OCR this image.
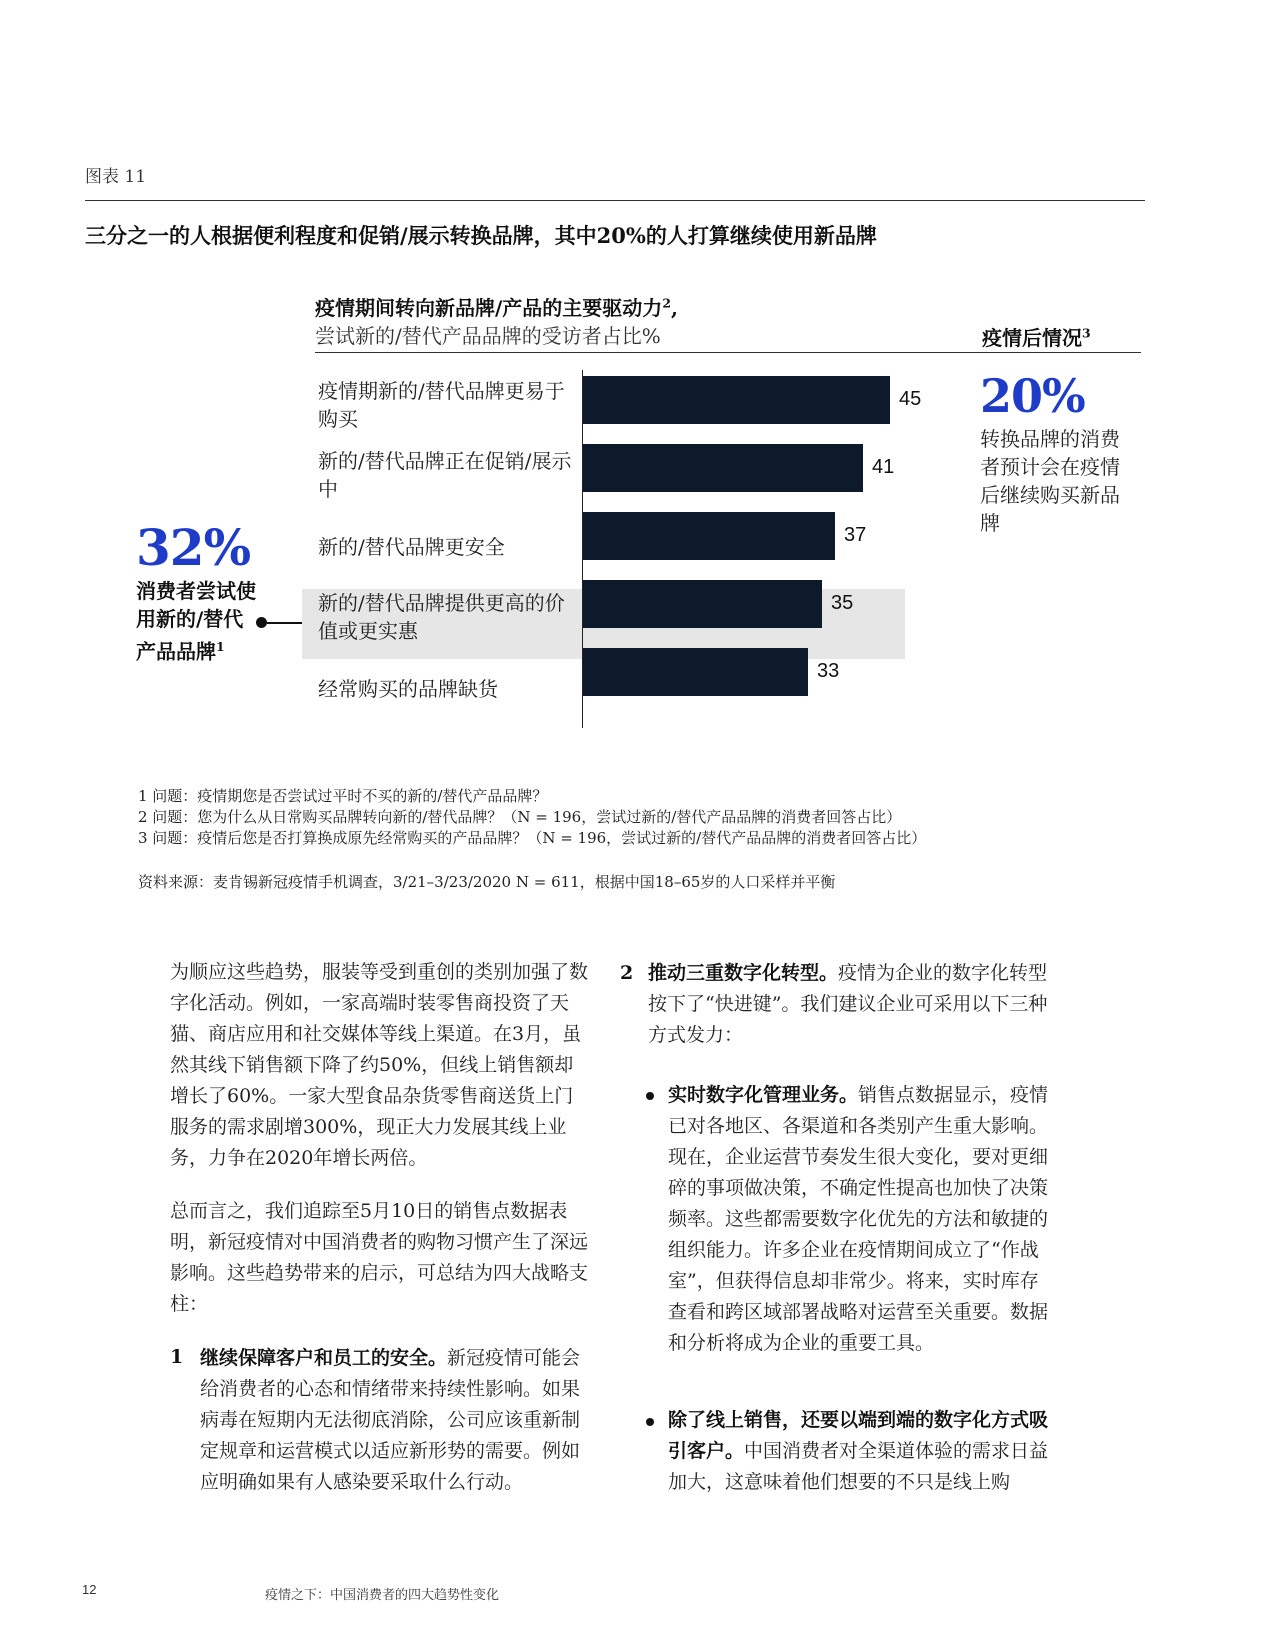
图表 11
三分之一的人根据便利程度和促销/展示转换品牌，其中20%的人打算继续使用新品牌
疫情期间转向新品牌/产品的主要驱动力$^2$,
尝试新的/替代产品品牌的受访者占比%	疫情后情况$^3$
疫情期新的/替代品牌更易于购买
新的/替代品牌正在促销/展示中
新的/替代品牌更安全
新的/替代品牌提供更高的价值或更实惠
经常购买的品牌缺货
45
41
37
35
33
32%
消费者尝试使用新的/替代产品品牌$^1$
20%
转换品牌的消费者预计会在疫情后继续购买新品牌
1 问题：疫情期您是否尝试过平时不买的新的/替代产品品牌？
2 问题：您为什么从日常购买品牌转向新的/替代品牌？（N = 196，尝试过新的/替代产品品牌的消费者回答占比）
3 问题：疫情后您是否打算换成原先经常购买的产品品牌？（N = 196，尝试过新的/替代产品品牌的消费者回答占比）
资料来源：麦肯锡新冠疫情手机调查，3/21–3/23/2020 N = 611，根据中国18–65岁的人口采样并平衡
为顺应这些趋势，服装等受到重创的类别加强了数字化活动。例如，一家高端时装零售商投资了天猫、商店应用和社交媒体等线上渠道。在3月，虽然其线下销售额下降了约50%，但线上销售额却增长了60%。一家大型食品杂货零售商送货上门服务的需求剧增300%，现正大力发展其线上业务，力争在2020年增长两倍。
总而言之，我们追踪至5月10日的销售点数据表明，新冠疫情对中国消费者的购物习惯产生了深远影响。这些趋势带来的启示，可总结为四大战略支柱：
1 继续保障客户和员工的安全。新冠疫情可能会给消费者的心态和情绪带来持续性影响。如果病毒在短期内无法彻底消除，公司应该重新制定规章和运营模式以适应新形势的需要。例如应明确如果有人感染要采取什么行动。
2 推动三重数字化转型。疫情为企业的数字化转型按下了“快进键”。我们建议企业可采用以下三种方式发力：
实时数字化管理业务。销售点数据显示，疫情已对各地区、各渠道和各类别产生重大影响。现在，企业运营节奏发生很大变化，要对更细碎的事项做决策，不确定性提高也加快了决策频率。这些都需要数字化优先的方法和敏捷的组织能力。许多企业在疫情期间成立了“作战室”，但获得信息却非常少。将来，实时库存查看和跨区域部署战略对运营至关重要。数据和分析将成为企业的重要工具。
除了线上销售，还要以端到端的数字化方式吸引客户。中国消费者对全渠道体验的需求日益加大，这意味着他们想要的不只是线上购
12	疫情之下：中国消费者的四大趋势性变化
